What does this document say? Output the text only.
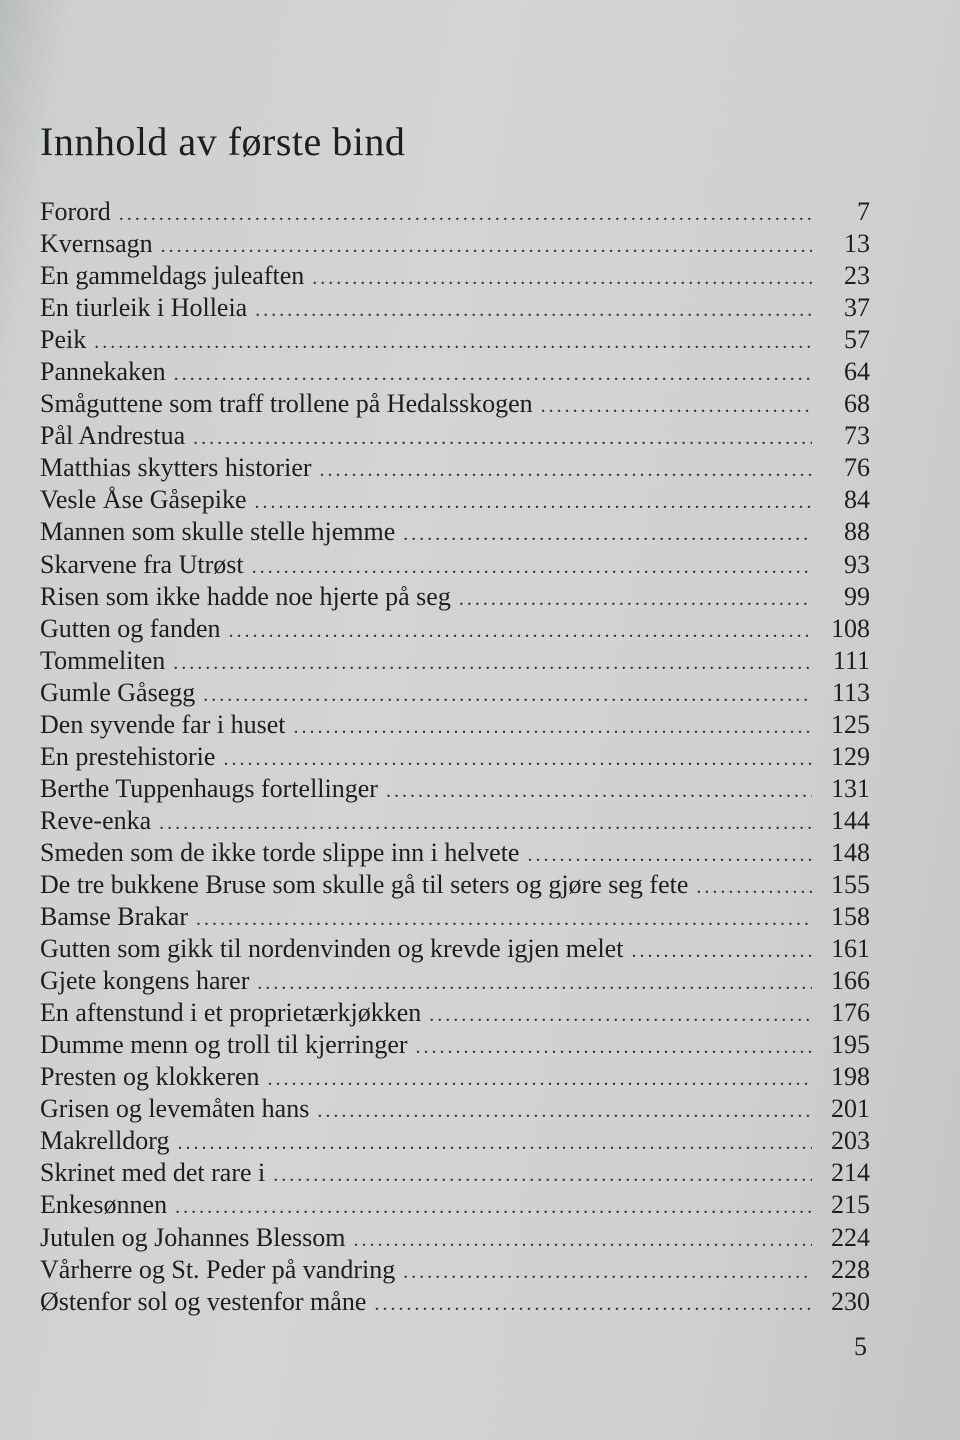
Innhold av første bind
Forord . . .	7
Kvernsagn . . .	13
En gammeldags juleaften . . .	23
En tiurleik i Holleia . . .	37
Peik . . .	57
Pannekaken . . .	64
Småguttene som traff trollene på Hedalsskogen . . .	68
Pål Andrestua . . .	73
Matthias skytters historier . . .	76
Vesle Åse Gåsepike . . .	84
Mannen som skulle stelle hjemme . . .	88
Skarvene fra Utrøst . . .	93
Risen som ikke hadde noe hjerte på seg . . .	99
Gutten og fanden . . .	108
Tommeliten . . .	111
Gumle Gåsegg . . .	113
Den syvende far i huset . . .	125
En prestehistorie . . .	129
Berthe Tuppenhaugs fortellinger . . .	131
Reve-enka . . .	144
Smeden som de ikke torde slippe inn i helvete . . .	148
De tre bukkene Bruse som skulle gå til seters og gjøre seg fete . . .	155
Bamse Brakar . . .	158
Gutten som gikk til nordenvinden og krevde igjen melet . . .	161
Gjete kongens harer . . .	166
En aftenstund i et proprietærkjøkken . . .	176
Dumme menn og troll til kjerringer . . .	195
Presten og klokkeren . . .	198
Grisen og levemåten hans . . .	201
Makrelldorg . . .	203
Skrinet med det rare i . . .	214
Enkesønnen . . .	215
Jutulen og Johannes Blessom . . .	224
Vårherre og St. Peder på vandring . . .	228
Østenfor sol og vestenfor måne . . .	230
5
